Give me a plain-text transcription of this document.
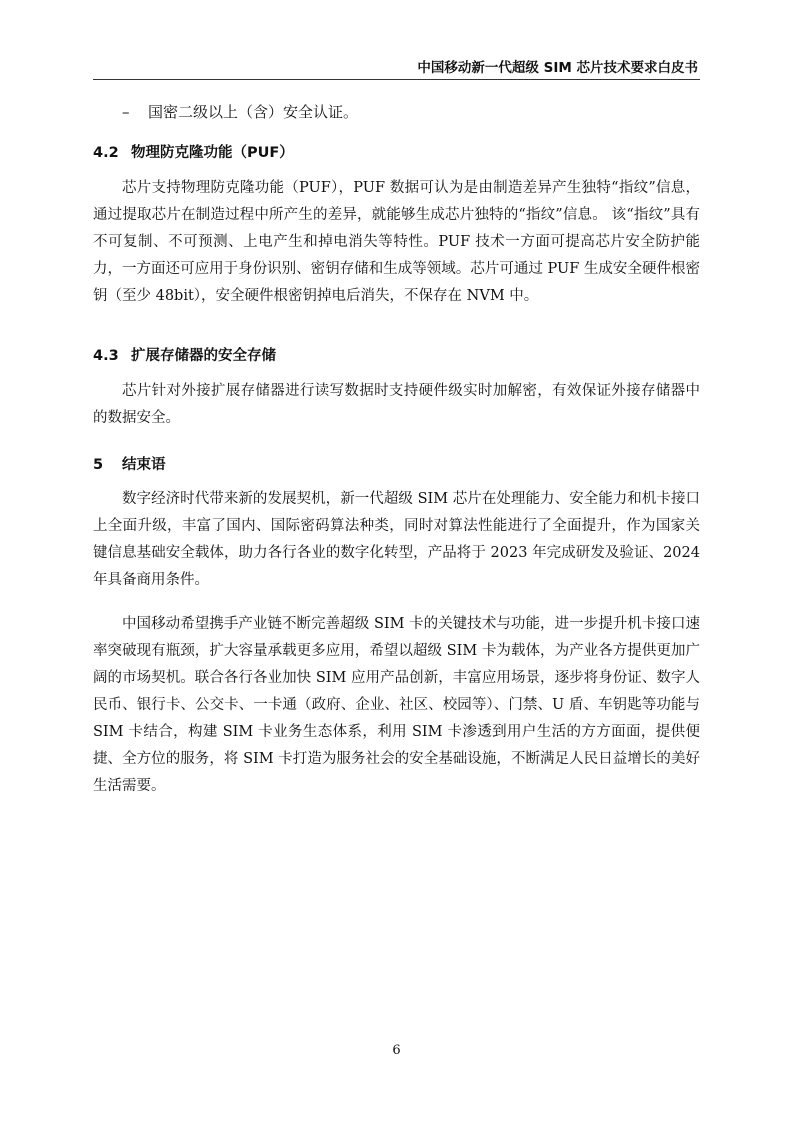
中国移动新一代超级 SIM 芯片技术要求白皮书
– 国密二级以上（含）安全认证。
4.2 物理防克隆功能（PUF）

芯片支持物理防克隆功能（PUF），PUF 数据可认为是由制造差异产生独特“指纹”信息，通过提取芯片在制造过程中所产生的差异，就能够生成芯片独特的“指纹”信息。 该“指纹”具有不可复制、不可预测、上电产生和掉电消失等特性。PUF 技术一方面可提高芯片安全防护能力，一方面还可应用于身份识别、密钥存储和生成等领域。芯片可通过 PUF 生成安全硬件根密钥（至少 48bit），安全硬件根密钥掉电后消失，不保存在 NVM 中。

4.3 扩展存储器的安全存储

芯片针对外接扩展存储器进行读写数据时支持硬件级实时加解密，有效保证外接存储器中的数据安全。

5 结束语

数字经济时代带来新的发展契机，新一代超级 SIM 芯片在处理能力、安全能力和机卡接口上全面升级，丰富了国内、国际密码算法种类，同时对算法性能进行了全面提升，作为国家关键信息基础安全载体，助力各行各业的数字化转型，产品将于 2023 年完成研发及验证、2024 年具备商用条件。

中国移动希望携手产业链不断完善超级 SIM 卡的关键技术与功能，进一步提升机卡接口速率突破现有瓶颈，扩大容量承载更多应用，希望以超级 SIM 卡为载体，为产业各方提供更加广阔的市场契机。联合各行各业加快 SIM 应用产品创新，丰富应用场景，逐步将身份证、数字人民币、银行卡、公交卡、一卡通（政府、企业、社区、校园等）、门禁、U 盾、车钥匙等功能与 SIM 卡结合，构建 SIM 卡业务生态体系，利用 SIM 卡渗透到用户生活的方方面面，提供便捷、全方位的服务，将 SIM 卡打造为服务社会的安全基础设施，不断满足人民日益增长的美好生活需要。

6
